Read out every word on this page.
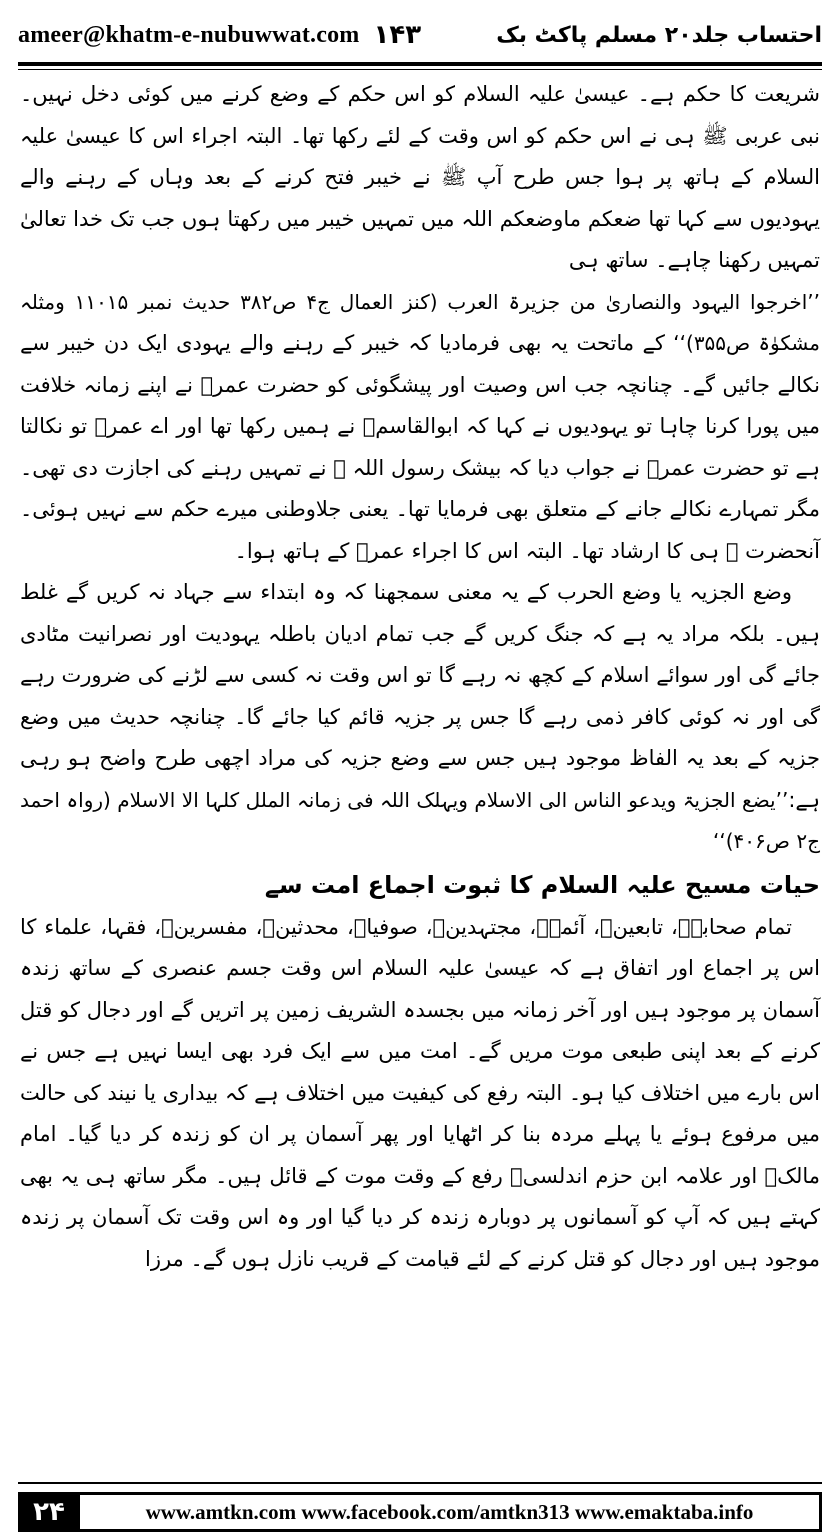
ameer@khatm-e-nubuwwat.com ۱۴۳	احتساب جلد۲۰ مسلم پاکٹ بک

شریعت کا حکم ہے۔ عیسیٰ علیہ السلام کو اس حکم کے وضع کرنے میں کوئی دخل نہیں۔ نبی عربی ﷺ ہی نے اس حکم کو اس وقت کے لئے رکھا تھا۔ البتہ اجراء اس کا عیسیٰ علیہ السلام کے ہاتھ پر ہوا جس طرح آپ ﷺ نے خیبر فتح کرنے کے بعد وہاں کے رہنے والے یہودیوں سے کہا تھا ضعکم ماوضعکم اللہ میں تمہیں خیبر میں رکھتا ہوں جب تک خدا تعالیٰ تمہیں رکھنا چاہے۔ ساتھ ہی

’’اخرجوا الیہود والنصاریٰ من جزیرۃ العرب (کنز العمال ج۴ ص۳۸۲ حدیث نمبر ۱۱۰۱۵ ومثلہ مشکوٰۃ ص۳۵۵)‘‘ کے ماتحت یہ بھی فرمادیا کہ خیبر کے رہنے والے یہودی ایک دن خیبر سے نکالے جائیں گے۔ چنانچہ جب اس وصیت اور پیشگوئی کو حضرت عمرؓ نے اپنے زمانہ خلافت میں پورا کرنا چاہا تو یہودیوں نے کہا کہ ابوالقاسمؐ نے ہمیں رکھا تھا اور اے عمرؓ تو نکالتا ہے تو حضرت عمرؓ نے جواب دیا کہ بیشک رسول اللہ ﷺ نے تمہیں رہنے کی اجازت دی تھی۔ مگر تمہارے نکالے جانے کے متعلق بھی فرمایا تھا۔ یعنی جلاوطنی میرے حکم سے نہیں ہوئی۔ آنحضرت ﷺ ہی کا ارشاد تھا۔ البتہ اس کا اجراء عمرؓ کے ہاتھ ہوا۔

وضع الجزیہ یا وضع الحرب کے یہ معنی سمجھنا کہ وہ ابتداء سے جہاد نہ کریں گے غلط ہیں۔ بلکہ مراد یہ ہے کہ جنگ کریں گے جب تمام ادیان باطلہ یہودیت اور نصرانیت مٹادی جائے گی اور سوائے اسلام کے کچھ نہ رہے گا تو اس وقت نہ کسی سے لڑنے کی ضرورت رہے گی اور نہ کوئی کافر ذمی رہے گا جس پر جزیہ قائم کیا جائے گا۔ چنانچہ حدیث میں وضع جزیہ کے بعد یہ الفاظ موجود ہیں جس سے وضع جزیہ کی مراد اچھی طرح واضح ہو رہی ہے:’’یضع الجزیۃ ویدعو الناس الی الاسلام ویہلک اللہ فی زمانہ الملل کلہا الا الاسلام (رواہ احمد ج۲ ص۴۰۶)‘‘

حیات مسیح علیہ السلام کا ثبوت اجماع امت سے

تمام صحابہؓ، تابعینؒ، آئمہؒ، مجتہدینؒ، صوفیاؒ، محدثینؒ، مفسرینؒ، فقہا، علماء کا اس پر اجماع اور اتفاق ہے کہ عیسیٰ علیہ السلام اس وقت جسم عنصری کے ساتھ زندہ آسمان پر موجود ہیں اور آخر زمانہ میں بجسدہ الشریف زمین پر اتریں گے اور دجال کو قتل کرنے کے بعد اپنی طبعی موت مریں گے۔ امت میں سے ایک فرد بھی ایسا نہیں ہے جس نے اس بارے میں اختلاف کیا ہو۔ البتہ رفع کی کیفیت میں اختلاف ہے کہ بیداری یا نیند کی حالت میں مرفوع ہوئے یا پہلے مردہ بنا کر اٹھایا اور پھر آسمان پر ان کو زندہ کر دیا گیا۔ امام مالکؒ اور علامہ ابن حزم اندلسیؒ رفع کے وقت موت کے قائل ہیں۔ مگر ساتھ ہی یہ بھی کہتے ہیں کہ آپ کو آسمانوں پر دوبارہ زندہ کر دیا گیا اور وہ اس وقت تک آسمان پر زندہ موجود ہیں اور دجال کو قتل کرنے کے لئے قیامت کے قریب نازل ہوں گے۔ مرزا

۲۴	www.amtkn.com www.facebook.com/amtkn313 www.emaktaba.info
